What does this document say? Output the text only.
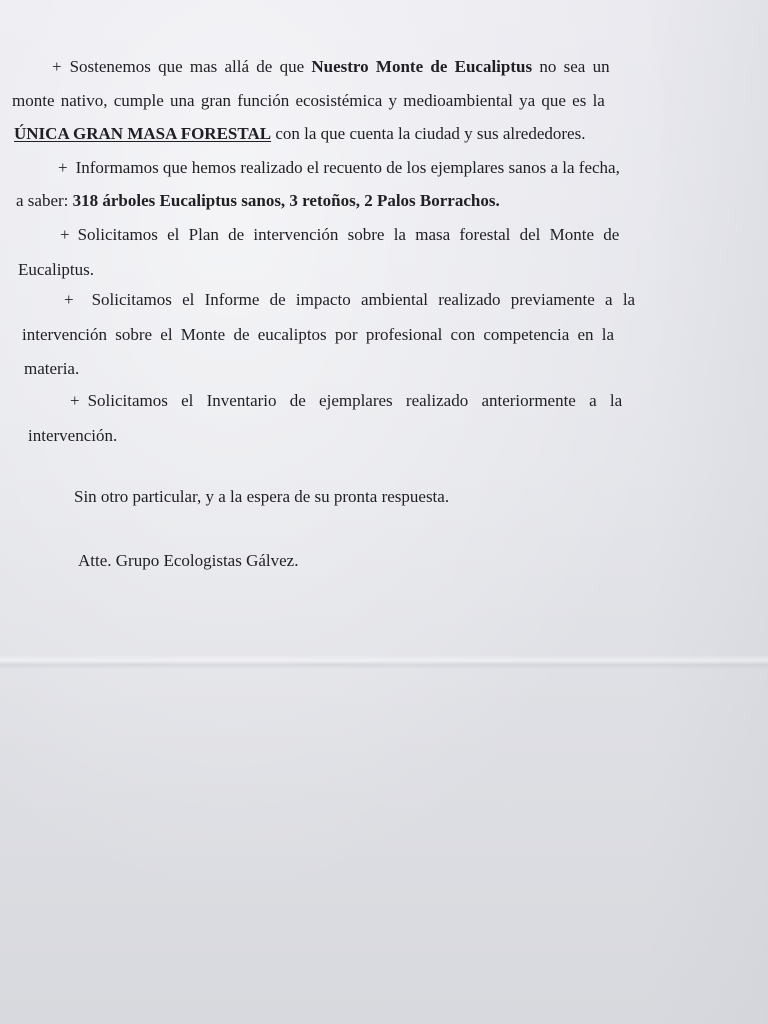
+ Sostenemos que mas allá de que Nuestro Monte de Eucaliptus no sea un
monte nativo, cumple una gran función ecosistémica y medioambiental ya que es la
ÚNICA GRAN MASA FORESTAL con la que cuenta la ciudad y sus alrededores.
+ Informamos que hemos realizado el recuento de los ejemplares sanos a la fecha,
a saber: 318 árboles Eucaliptus sanos, 3 retoños, 2 Palos Borrachos.
+ Solicitamos el Plan de intervención sobre la masa forestal del Monte de
Eucaliptus.
+ Solicitamos el Informe de impacto ambiental realizado previamente a la
intervención sobre el Monte de eucaliptos por profesional con competencia en la
materia.
+ Solicitamos el Inventario de ejemplares realizado anteriormente a la
intervención.
Sin otro particular, y a la espera de su pronta respuesta.
Atte. Grupo Ecologistas Gálvez.
